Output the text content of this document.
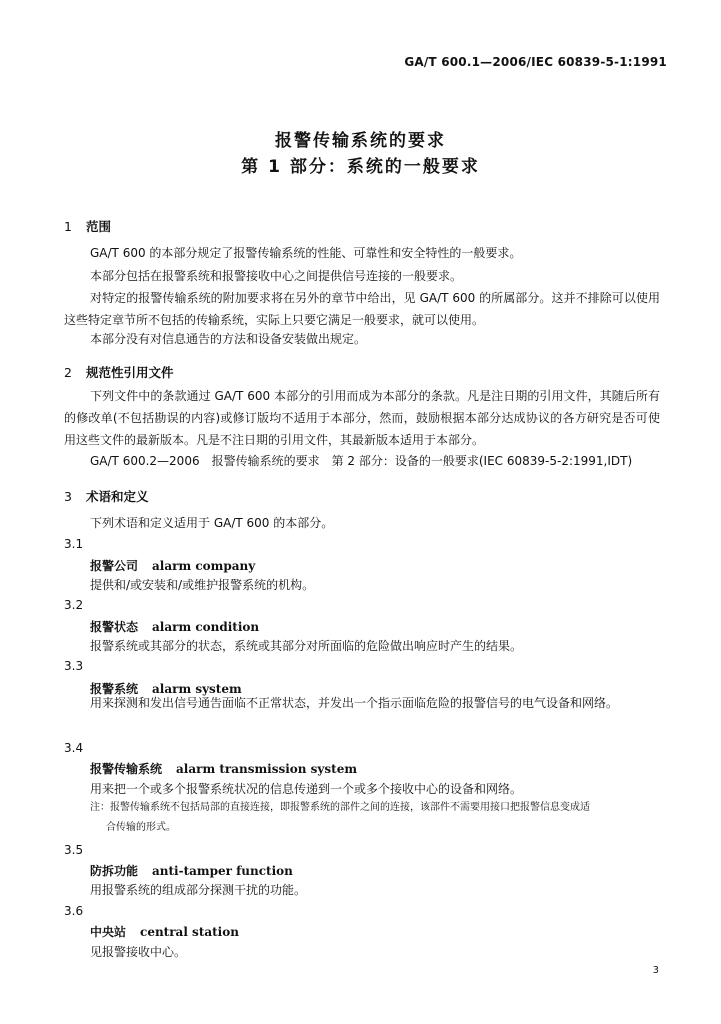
GA/T 600.1—2006/IEC 60839-5-1:1991
报警传输系统的要求
第 1 部分：系统的一般要求
1 范围
GA/T 600 的本部分规定了报警传输系统的性能、可靠性和安全特性的一般要求。
本部分包括在报警系统和报警接收中心之间提供信号连接的一般要求。
对特定的报警传输系统的附加要求将在另外的章节中给出，见 GA/T 600 的所属部分。这并不排除可以使用这些特定章节所不包括的传输系统，实际上只要它满足一般要求，就可以使用。
本部分没有对信息通告的方法和设备安装做出规定。
2 规范性引用文件
下列文件中的条款通过 GA/T 600 本部分的引用而成为本部分的条款。凡是注日期的引用文件，其随后所有的修改单(不包括勘误的内容)或修订版均不适用于本部分，然而，鼓励根据本部分达成协议的各方研究是否可使用这些文件的最新版本。凡是不注日期的引用文件，其最新版本适用于本部分。
GA/T 600.2—2006　报警传输系统的要求　第 2 部分：设备的一般要求(IEC 60839-5-2:1991,IDT)
3 术语和定义
下列术语和定义适用于 GA/T 600 的本部分。
3.1
报警公司 alarm company
提供和/或安装和/或维护报警系统的机构。
3.2
报警状态 alarm condition
报警系统或其部分的状态，系统或其部分对所面临的危险做出响应时产生的结果。
3.3
报警系统 alarm system
用来探测和发出信号通告面临不正常状态，并发出一个指示面临危险的报警信号的电气设备和网络。
3.4
报警传输系统 alarm transmission system
用来把一个或多个报警系统状况的信息传递到一个或多个接收中心的设备和网络。
注：报警传输系统不包括局部的直接连接，即报警系统的部件之间的连接，该部件不需要用接口把报警信息变成适
合传输的形式。
3.5
防拆功能 anti-tamper function
用报警系统的组成部分探测干扰的功能。
3.6
中央站 central station
见报警接收中心。
3
